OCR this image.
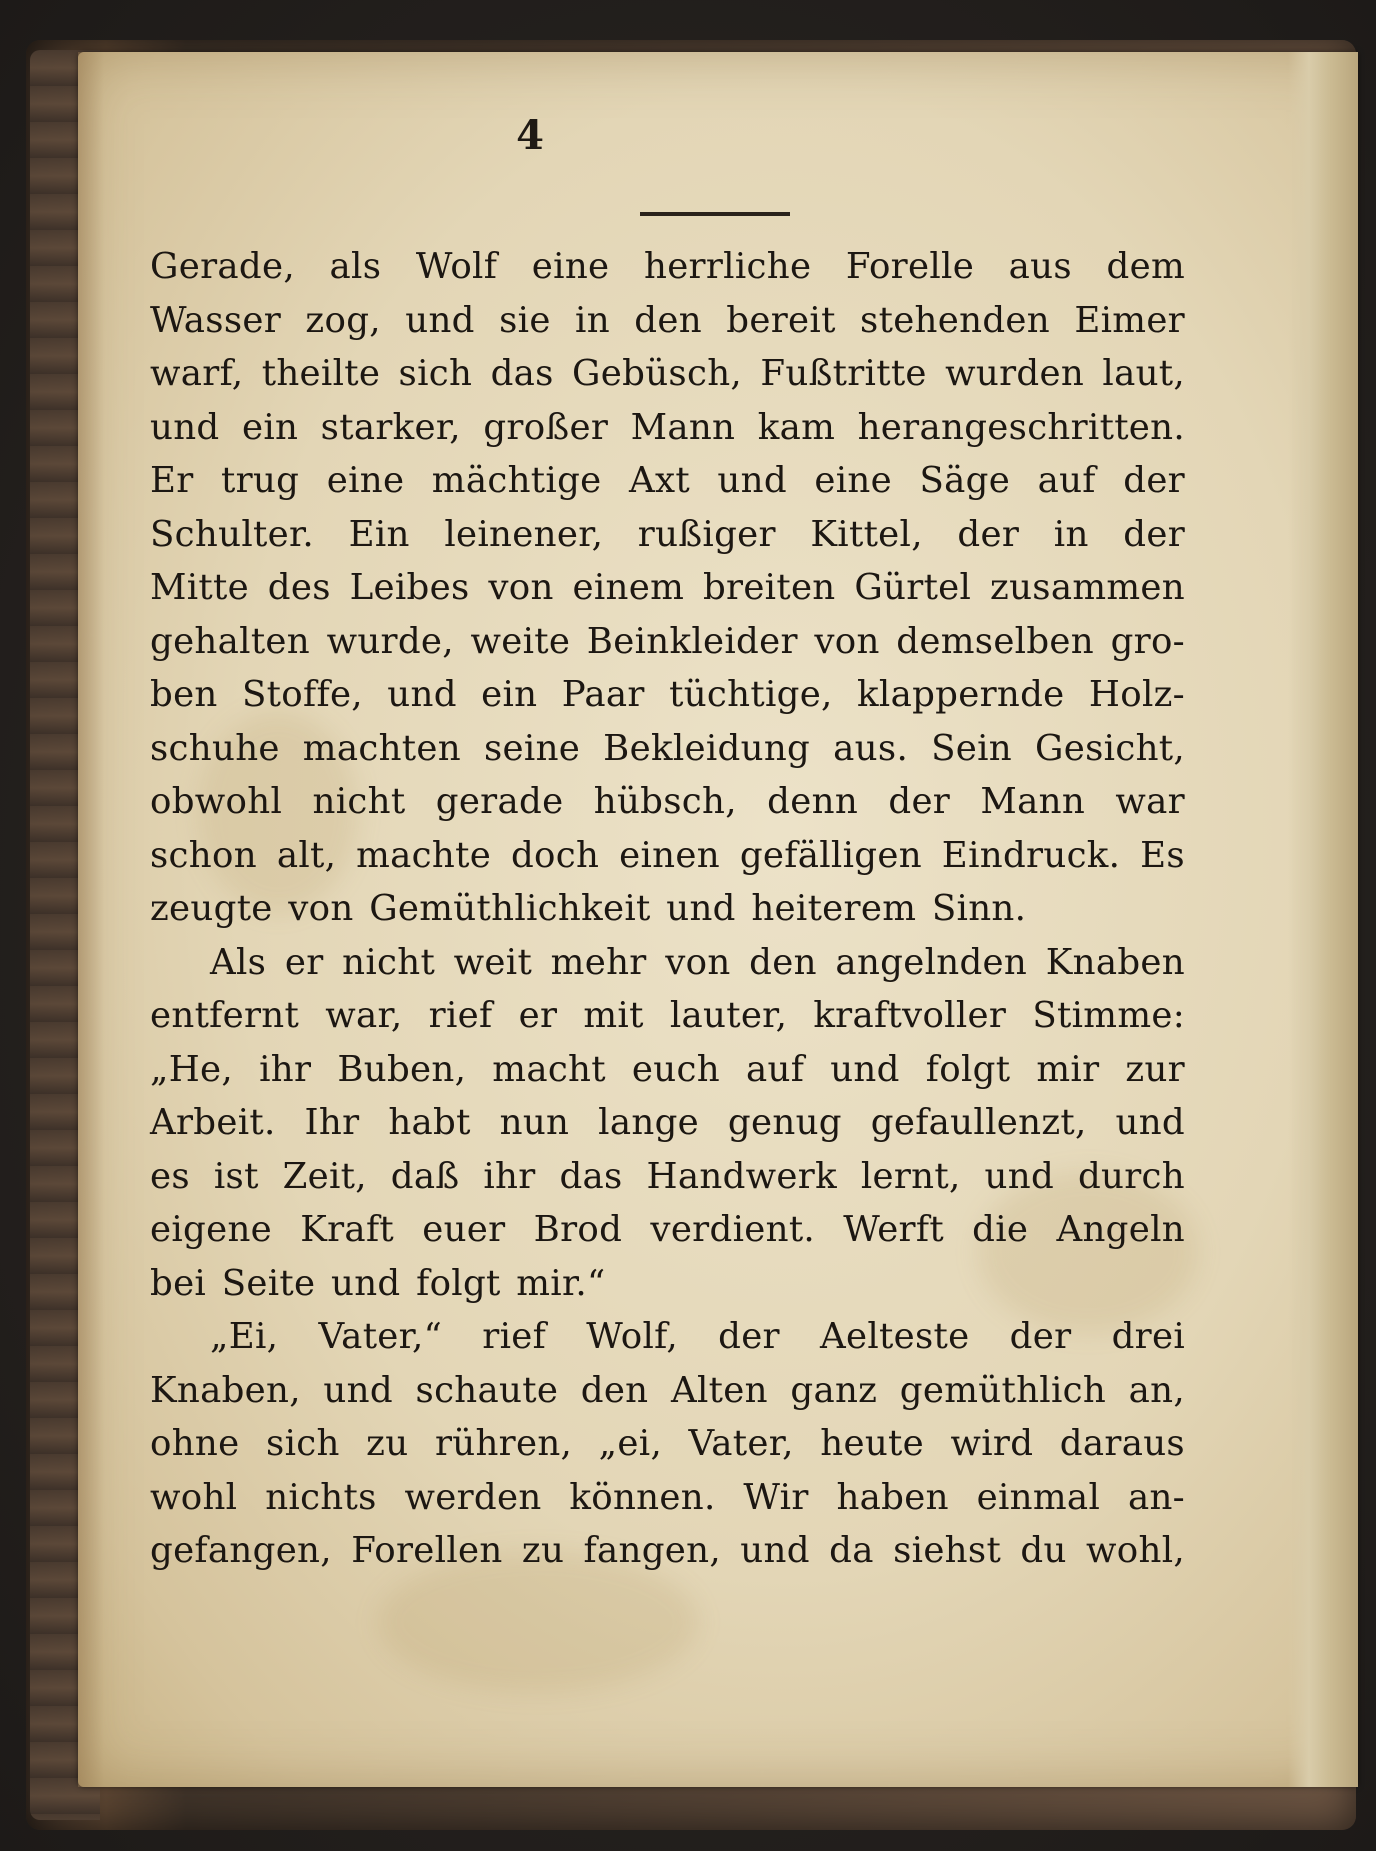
4
Gerade, als Wolf eine herrliche Forelle aus dem
Wasser zog, und sie in den bereit stehenden Eimer
warf, theilte sich das Gebüsch, Fußtritte wurden laut,
und ein starker, großer Mann kam herangeschritten.
Er trug eine mächtige Axt und eine Säge auf der
Schulter. Ein leinener, rußiger Kittel, der in der
Mitte des Leibes von einem breiten Gürtel zusammen
gehalten wurde, weite Beinkleider von demselben gro-
ben Stoffe, und ein Paar tüchtige, klappernde Holz-
schuhe machten seine Bekleidung aus. Sein Gesicht,
obwohl nicht gerade hübsch, denn der Mann war
schon alt, machte doch einen gefälligen Eindruck. Es
zeugte von Gemüthlichkeit und heiterem Sinn.
Als er nicht weit mehr von den angelnden Knaben
entfernt war, rief er mit lauter, kraftvoller Stimme:
„He, ihr Buben, macht euch auf und folgt mir zur
Arbeit. Ihr habt nun lange genug gefaullenzt, und
es ist Zeit, daß ihr das Handwerk lernt, und durch
eigene Kraft euer Brod verdient. Werft die Angeln
bei Seite und folgt mir.“
„Ei, Vater,“ rief Wolf, der Aelteste der drei
Knaben, und schaute den Alten ganz gemüthlich an,
ohne sich zu rühren, „ei, Vater, heute wird daraus
wohl nichts werden können. Wir haben einmal an-
gefangen, Forellen zu fangen, und da siehst du wohl,
